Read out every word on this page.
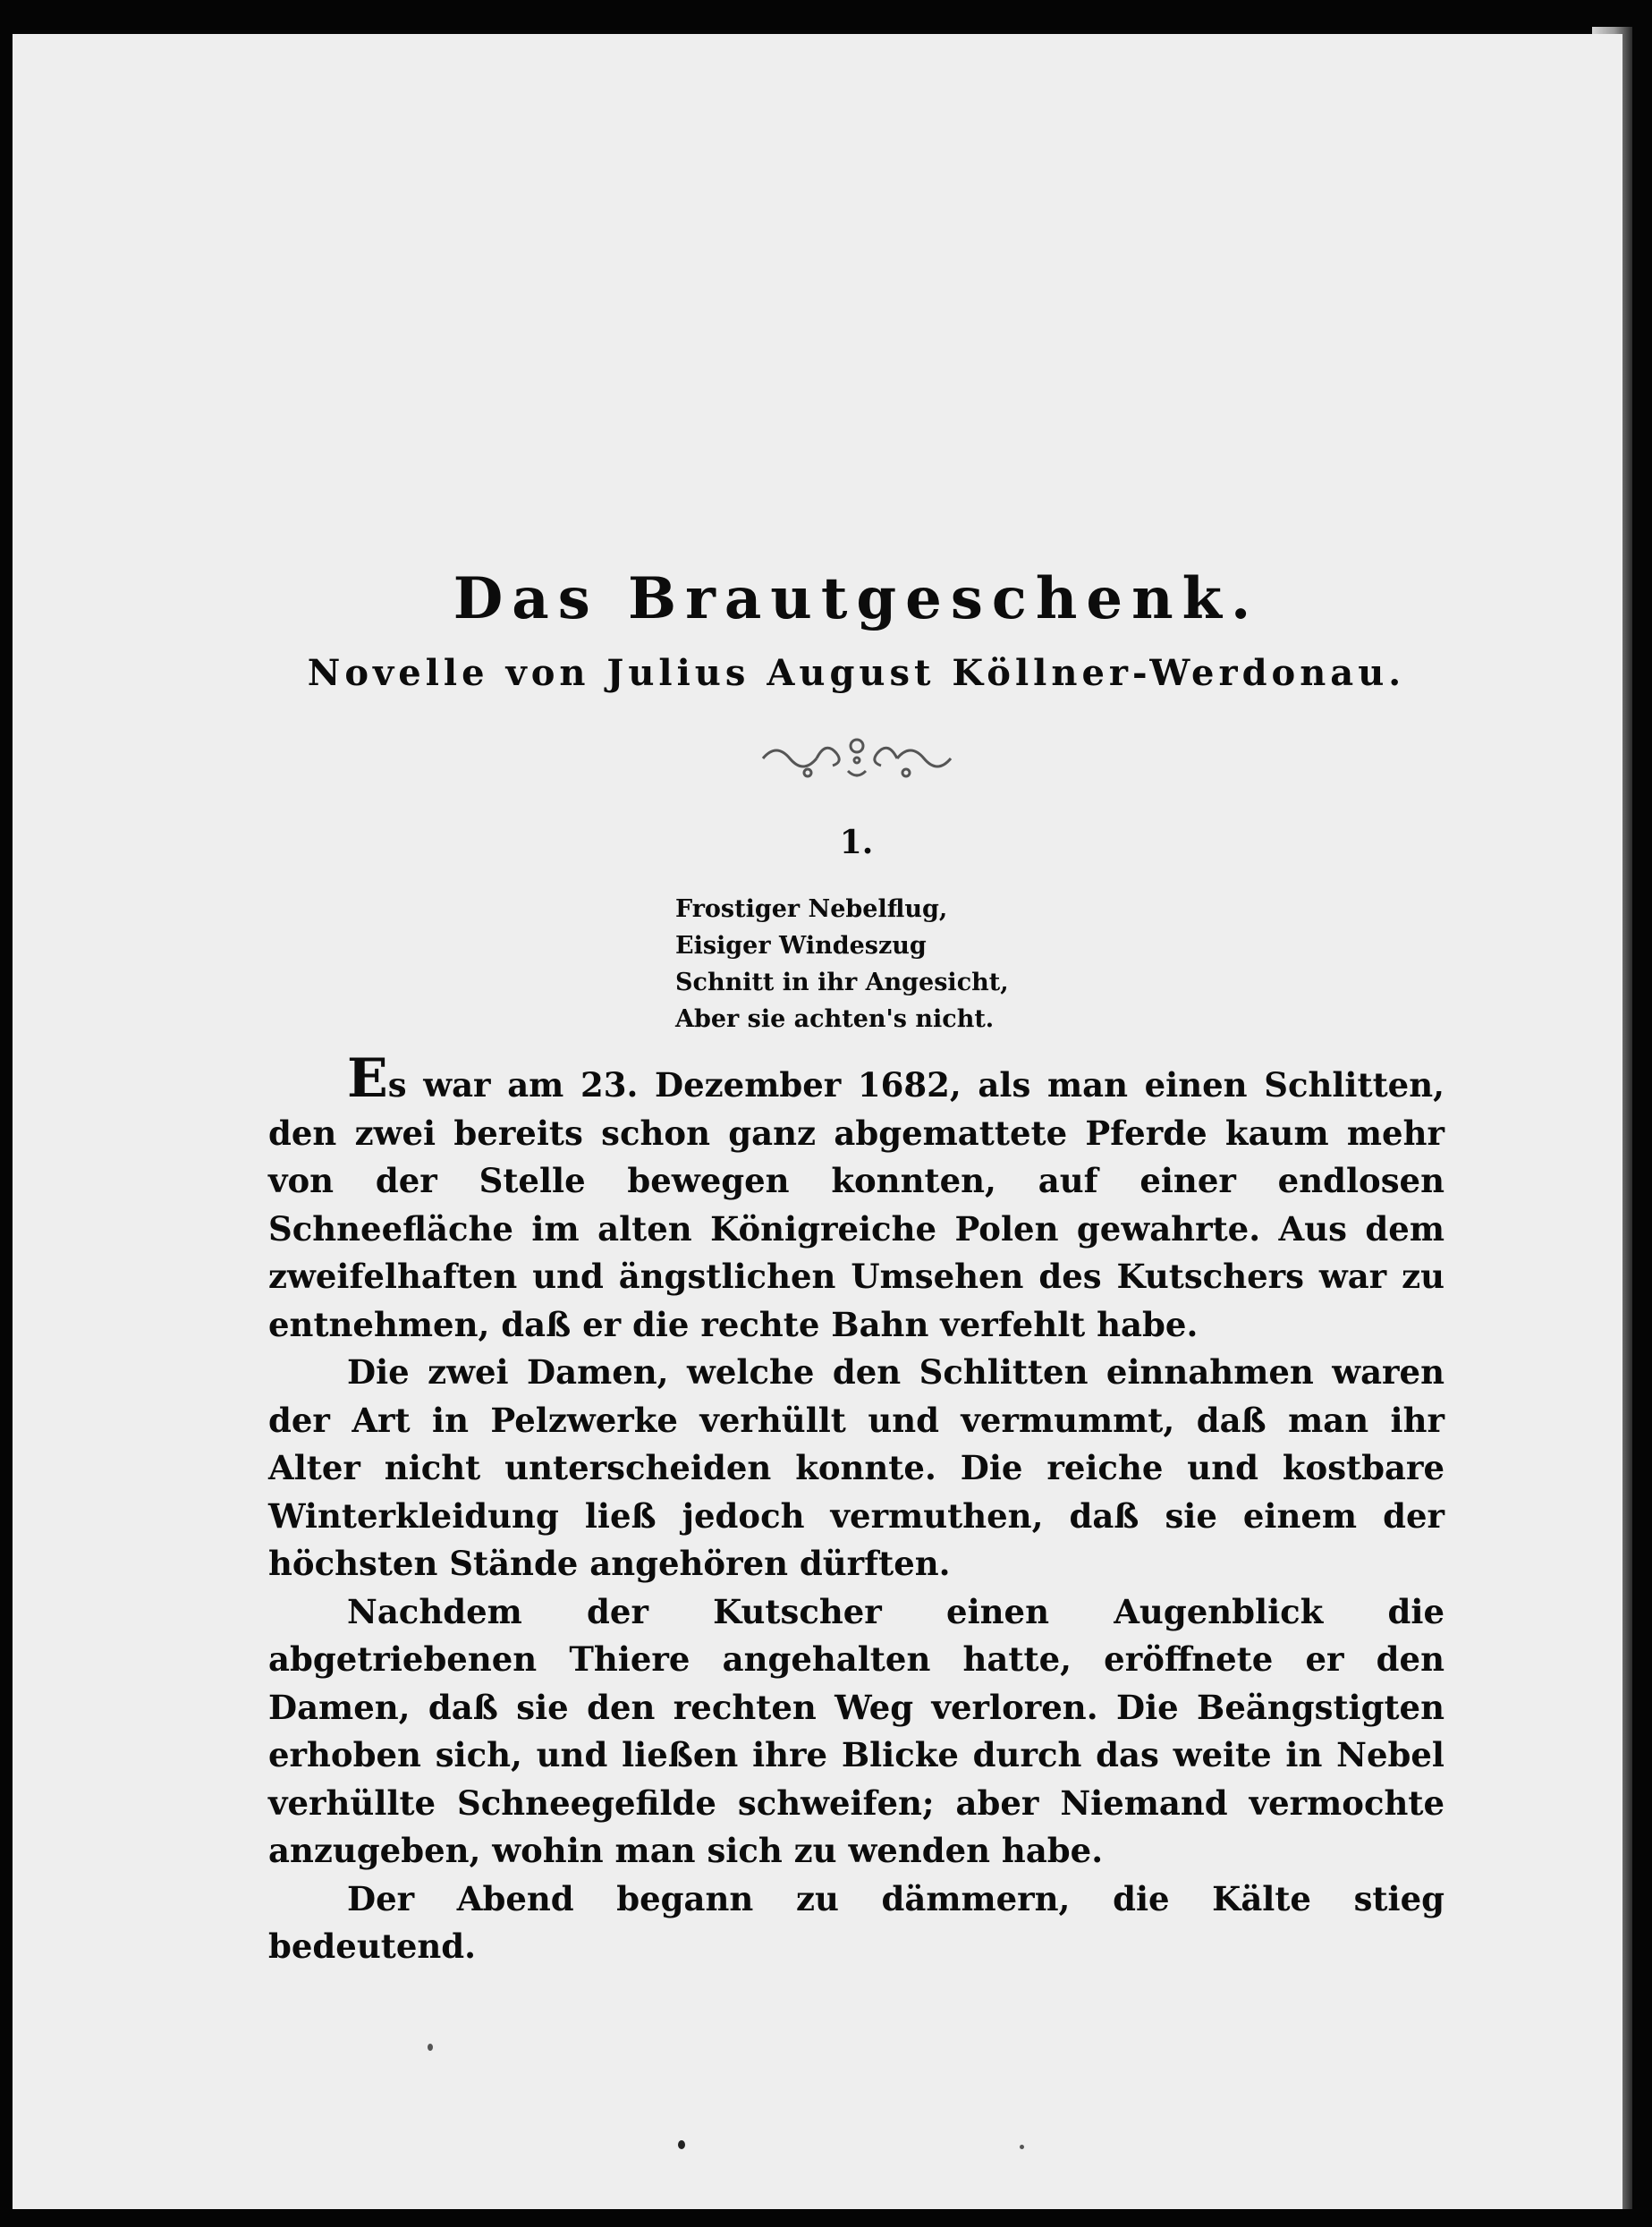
Das Brautgeschenk.
Novelle von Julius August Köllner-Werdonau.
1.
Frostiger Nebelflug,
Eisiger Windeszug
Schnitt in ihr Angesicht,
Aber sie achten's nicht.

Es war am 23. Dezember 1682, als man einen Schlitten, den zwei bereits schon ganz abgemattete Pferde kaum mehr von der Stelle bewegen konnten, auf einer endlosen Schneefläche im alten Königreiche Polen gewahrte. Aus dem zweifelhaften und ängstlichen Umsehen des Kutschers war zu entnehmen, daß er die rechte Bahn verfehlt habe.

Die zwei Damen, welche den Schlitten einnahmen waren der Art in Pelzwerke verhüllt und vermummt, daß man ihr Alter nicht unterscheiden konnte. Die reiche und kostbare Winterkleidung ließ jedoch vermuthen, daß sie einem der höchsten Stände angehören dürften.

Nachdem der Kutscher einen Augenblick die abgetriebenen Thiere angehalten hatte, eröffnete er den Damen, daß sie den rechten Weg verloren. Die Beängstigten erhoben sich, und ließen ihre Blicke durch das weite in Nebel verhüllte Schneegefilde schweifen; aber Niemand vermochte anzugeben, wohin man sich zu wenden habe.

Der Abend begann zu dämmern, die Kälte stieg bedeutend.
